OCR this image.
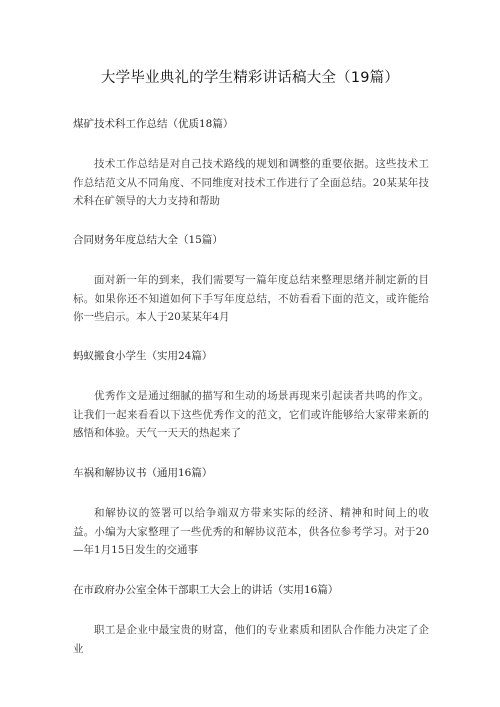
大学毕业典礼的学生精彩讲话稿大全（19篇）
煤矿技术科工作总结（优质18篇）
技术工作总结是对自己技术路线的规划和调整的重要依据。这些技术工作总结范文从不同角度、不同维度对技术工作进行了全面总结。20某某年技术科在矿领导的大力支持和帮助
合同财务年度总结大全（15篇）
面对新一年的到来，我们需要写一篇年度总结来整理思绪并制定新的目标。如果你还不知道如何下手写年度总结，不妨看看下面的范文，或许能给你一些启示。本人于20某某年4月
蚂蚁搬食小学生（实用24篇）
优秀作文是通过细腻的描写和生动的场景再现来引起读者共鸣的作文。让我们一起来看看以下这些优秀作文的范文，它们或许能够给大家带来新的感悟和体验。天气一天天的热起来了
车祸和解协议书（通用16篇）
和解协议的签署可以给争端双方带来实际的经济、精神和时间上的收益。小编为大家整理了一些优秀的和解协议范本，供各位参考学习。对于20—年1月15日发生的交通事
在市政府办公室全体干部职工大会上的讲话（实用16篇）
职工是企业中最宝贵的财富，他们的专业素质和团队合作能力决定了企业
